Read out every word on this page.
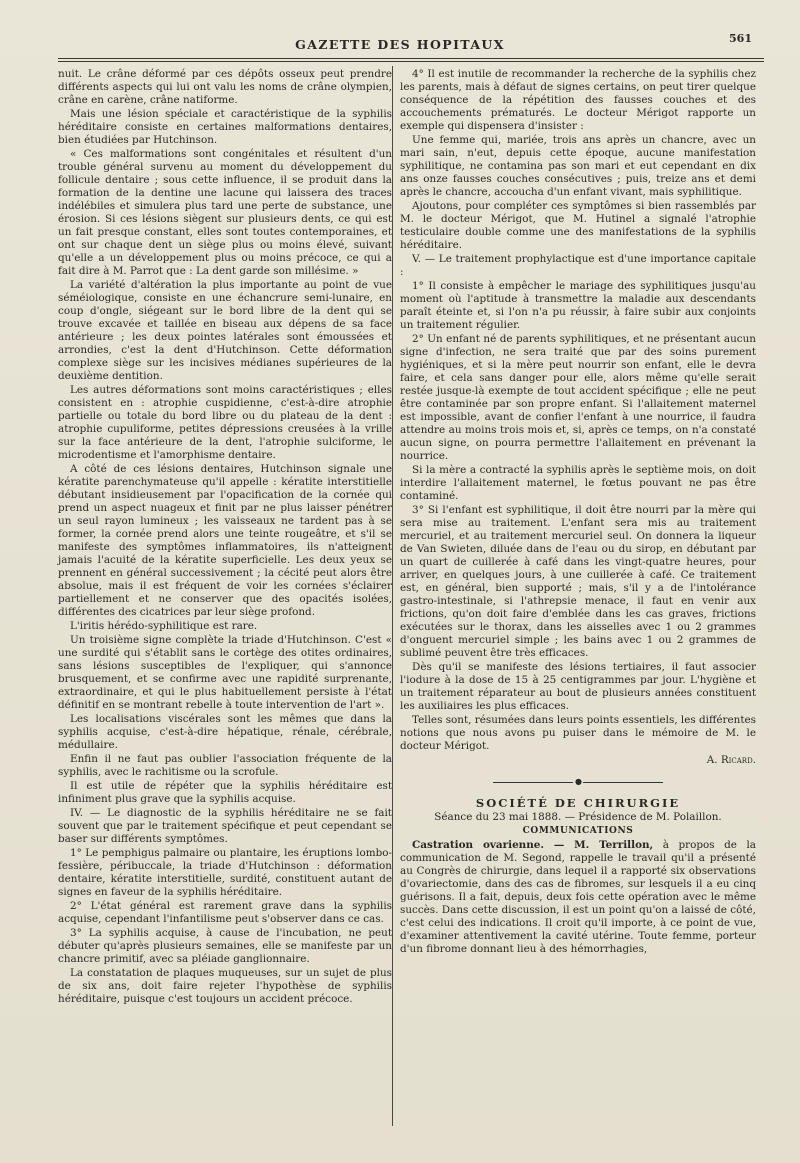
GAZETTE DES HOPITAUX	561

nuit. Le crâne déformé par ces dépôts osseux peut prendre différents aspects qui lui ont valu les noms de crâne olympien, crâne en carène, crâne natiforme.

Mais une lésion spéciale et caractéristique de la syphilis héréditaire consiste en certaines malformations dentaires, bien étudiées par Hutchinson.

« Ces malformations sont congénitales et résultent d'un trouble général survenu au moment du développement du follicule dentaire ; sous cette influence, il se produit dans la formation de la dentine une lacune qui laissera des traces indélébiles et simulera plus tard une perte de substance, une érosion. Si ces lésions siègent sur plusieurs dents, ce qui est un fait presque constant, elles sont toutes contemporaines, et ont sur chaque dent un siège plus ou moins élevé, suivant qu'elle a un développement plus ou moins précoce, ce qui a fait dire à M. Parrot que : La dent garde son millésime. »

La variété d'altération la plus importante au point de vue séméiologique, consiste en une échancrure semi-lunaire, en coup d'ongle, siégeant sur le bord libre de la dent qui se trouve excavée et taillée en biseau aux dépens de sa face antérieure ; les deux pointes latérales sont émoussées et arrondies, c'est la dent d'Hutchinson. Cette déformation complexe siège sur les incisives médianes supérieures de la deuxième dentition.

Les autres déformations sont moins caractéristiques ; elles consistent en : atrophie cuspidienne, c'est-à-dire atrophie partielle ou totale du bord libre ou du plateau de la dent : atrophie cupuliforme, petites dépressions creusées à la vrille sur la face antérieure de la dent, l'atrophie sulciforme, le microdentisme et l'amorphisme dentaire.

A côté de ces lésions dentaires, Hutchinson signale une kératite parenchymateuse qu'il appelle : kératite interstitielle débutant insidieusement par l'opacification de la cornée qui prend un aspect nuageux et finit par ne plus laisser pénétrer un seul rayon lumineux ; les vaisseaux ne tardent pas à se former, la cornée prend alors une teinte rougeâtre, et s'il se manifeste des symptômes inflammatoires, ils n'atteignent jamais l'acuité de la kératite superficielle. Les deux yeux se prennent en général successivement ; la cécité peut alors être absolue, mais il est fréquent de voir les cornées s'éclairer partiellement et ne conserver que des opacités isolées, différentes des cicatrices par leur siège profond.

L'iritis hérédo-syphilitique est rare.

Un troisième signe complète la triade d'Hutchinson. C'est « une surdité qui s'établit sans le cortège des otites ordinaires, sans lésions susceptibles de l'expliquer, qui s'annonce brusquement, et se confirme avec une rapidité surprenante, extraordinaire, et qui le plus habituellement persiste à l'état définitif en se montrant rebelle à toute intervention de l'art ».

Les localisations viscérales sont les mêmes que dans la syphilis acquise, c'est-à-dire hépatique, rénale, cérébrale, médullaire.

Enfin il ne faut pas oublier l'association fréquente de la syphilis, avec le rachitisme ou la scrofule.

Il est utile de répéter que la syphilis héréditaire est infiniment plus grave que la syphilis acquise.

IV. — Le diagnostic de la syphilis héréditaire ne se fait souvent que par le traitement spécifique et peut cependant se baser sur différents symptômes.

1° Le pemphigus palmaire ou plantaire, les éruptions lombo-fessière, péribuccale, la triade d'Hutchinson : déformation dentaire, kératite interstitielle, surdité, constituent autant de signes en faveur de la syphilis héréditaire.

2° L'état général est rarement grave dans la syphilis acquise, cependant l'infantilisme peut s'observer dans ce cas.

3° La syphilis acquise, à cause de l'incubation, ne peut débuter qu'après plusieurs semaines, elle se manifeste par un chancre primitif, avec sa pléiade ganglionnaire.

La constatation de plaques muqueuses, sur un sujet de plus de six ans, doit faire rejeter l'hypothèse de syphilis héréditaire, puisque c'est toujours un accident précoce.

4° Il est inutile de recommander la recherche de la syphilis chez les parents, mais à défaut de signes certains, on peut tirer quelque conséquence de la répétition des fausses couches et des accouchements prématurés. Le docteur Mérigot rapporte un exemple qui dispensera d'insister :

Une femme qui, mariée, trois ans après un chancre, avec un mari sain, n'eut, depuis cette époque, aucune manifestation syphilitique, ne contamina pas son mari et eut cependant en dix ans onze fausses couches consécutives ; puis, treize ans et demi après le chancre, accoucha d'un enfant vivant, mais syphilitique.

Ajoutons, pour compléter ces symptômes si bien rassemblés par M. le docteur Mérigot, que M. Hutinel a signalé l'atrophie testiculaire double comme une des manifestations de la syphilis héréditaire.

V. — Le traitement prophylactique est d'une importance capitale :

1° Il consiste à empêcher le mariage des syphilitiques jusqu'au moment où l'aptitude à transmettre la maladie aux descendants paraît éteinte et, si l'on n'a pu réussir, à faire subir aux conjoints un traitement régulier.

2° Un enfant né de parents syphilitiques, et ne présentant aucun signe d'infection, ne sera traité que par des soins purement hygiéniques, et si la mère peut nourrir son enfant, elle le devra faire, et cela sans danger pour elle, alors même qu'elle serait restée jusque-là exempte de tout accident spécifique ; elle ne peut être contaminée par son propre enfant. Si l'allaitement maternel est impossible, avant de confier l'enfant à une nourrice, il faudra attendre au moins trois mois et, si, après ce temps, on n'a constaté aucun signe, on pourra permettre l'allaitement en prévenant la nourrice.

Si la mère a contracté la syphilis après le septième mois, on doit interdire l'allaitement maternel, le fœtus pouvant ne pas être contaminé.

3° Si l'enfant est syphilitique, il doit être nourri par la mère qui sera mise au traitement. L'enfant sera mis au traitement mercuriel, et au traitement mercuriel seul. On donnera la liqueur de Van Swieten, diluée dans de l'eau ou du sirop, en débutant par un quart de cuillerée à café dans les vingt-quatre heures, pour arriver, en quelques jours, à une cuillerée à café. Ce traitement est, en général, bien supporté ; mais, s'il y a de l'intolérance gastro-intestinale, si l'athrepsie menace, il faut en venir aux frictions, qu'on doit faire d'emblée dans les cas graves, frictions exécutées sur le thorax, dans les aisselles avec 1 ou 2 grammes d'onguent mercuriel simple ; les bains avec 1 ou 2 grammes de sublimé peuvent être très efficaces.

Dès qu'il se manifeste des lésions tertiaires, il faut associer l'iodure à la dose de 15 à 25 centigrammes par jour. L'hygiène et un traitement réparateur au bout de plusieurs années constituent les auxiliaires les plus efficaces.

Telles sont, résumées dans leurs points essentiels, les différentes notions que nous avons pu puiser dans le mémoire de M. le docteur Mérigot.

A. Ricard.

●

SOCIÉTÉ DE CHIRURGIE

Séance du 23 mai 1888. — Présidence de M. Polaillon.

COMMUNICATIONS

Castration ovarienne. — M. Terrillon, à propos de la communication de M. Segond, rappelle le travail qu'il a présenté au Congrès de chirurgie, dans lequel il a rapporté six observations d'ovariectomie, dans des cas de fibromes, sur lesquels il a eu cinq guérisons. Il a fait, depuis, deux fois cette opération avec le même succès. Dans cette discussion, il est un point qu'on a laissé de côté, c'est celui des indications. Il croit qu'il importe, à ce point de vue, d'examiner attentivement la cavité utérine. Toute femme, porteur d'un fibrome donnant lieu à des hémorrhagies,
